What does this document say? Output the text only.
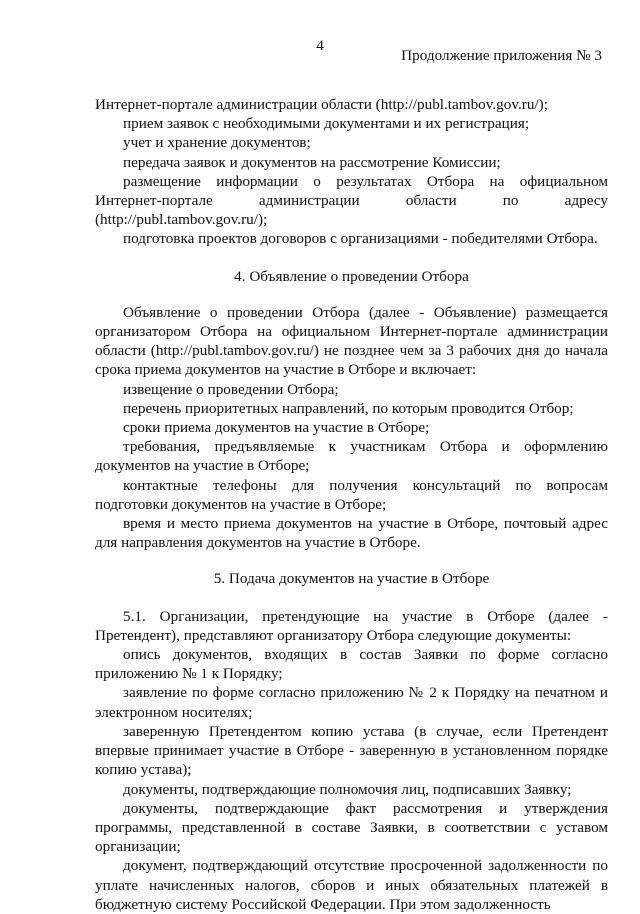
4
Продолжение приложения № 3

Интернет-портале администрации области (http://publ.tambov.gov.ru/);

прием заявок с необходимыми документами и их регистрация;

учет и хранение документов;

передача заявок и документов на рассмотрение Комиссии;

размещение информации о результатах Отбора на официальном Интернет-портале администрации области по адресу (http://publ.tambov.gov.ru/);

подготовка проектов договоров с организациями - победителями Отбора.

4. Объявление о проведении Отбора

Объявление о проведении Отбора (далее - Объявление) размещается организатором Отбора на официальном Интернет-портале администрации области (http://publ.tambov.gov.ru/) не позднее чем за 3 рабочих дня до начала срока приема документов на участие в Отборе и включает:

извещение о проведении Отбора;

перечень приоритетных направлений, по которым проводится Отбор;

сроки приема документов на участие в Отборе;

требования, предъявляемые к участникам Отбора и оформлению документов на участие в Отборе;

контактные телефоны для получения консультаций по вопросам подготовки документов на участие в Отборе;

время и место приема документов на участие в Отборе, почтовый адрес для направления документов на участие в Отборе.

5. Подача документов на участие в Отборе

5.1. Организации, претендующие на участие в Отборе (далее - Претендент), представляют организатору Отбора следующие документы:

опись документов, входящих в состав Заявки по форме согласно приложению № 1 к Порядку;

заявление по форме согласно приложению № 2 к Порядку на печатном и электронном носителях;

заверенную Претендентом копию устава (в случае, если Претендент впервые принимает участие в Отборе - заверенную в установленном порядке копию устава);

документы, подтверждающие полномочия лиц, подписавших Заявку;

документы, подтверждающие факт рассмотрения и утверждения программы, представленной в составе Заявки, в соответствии с уставом организации;

документ, подтверждающий отсутствие просроченной задолженности по уплате начисленных налогов, сборов и иных обязательных платежей в бюджетную систему Российской Федерации. При этом задолженность
